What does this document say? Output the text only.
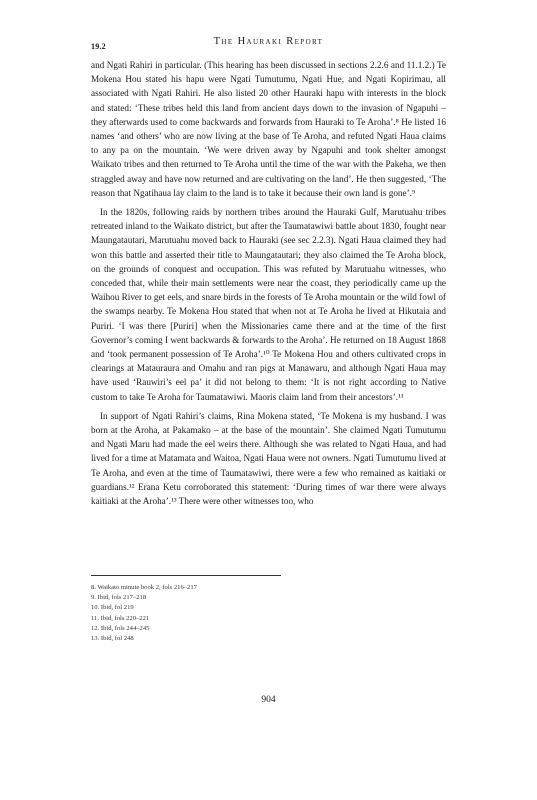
19.2	The Hauraki Report

and Ngati Rahiri in particular. (This hearing has been discussed in sections 2.2.6 and 11.1.2.) Te Mokena Hou stated his hapu were Ngati Tumutumu, Ngati Hue, and Ngati Kopirimau, all associated with Ngati Rahiri. He also listed 20 other Hauraki hapu with interests in the block and stated: ‘These tribes held this land from ancient days down to the invasion of Ngapuhi – they afterwards used to come backwards and forwards from Hauraki to Te Aroha’.⁸ He listed 16 names ‘and others’ who are now living at the base of Te Aroha, and refuted Ngati Haua claims to any pa on the mountain. ‘We were driven away by Ngapuhi and took shelter amongst Waikato tribes and then returned to Te Aroha until the time of the war with the Pakeha, we then straggled away and have now returned and are cultivating on the land’. He then suggested, ‘The reason that Ngatihaua lay claim to the land is to take it because their own land is gone’.⁹

In the 1820s, following raids by northern tribes around the Hauraki Gulf, Marutuahu tribes retreated inland to the Waikato district, but after the Taumatawiwi battle about 1830, fought near Maungatautari, Marutuahu moved back to Hauraki (see sec 2.2.3). Ngati Haua claimed they had won this battle and asserted their title to Maungatautari; they also claimed the Te Aroha block, on the grounds of conquest and occupation. This was refuted by Marutuahu witnesses, who conceded that, while their main settlements were near the coast, they periodically came up the Waihou River to get eels, and snare birds in the forests of Te Aroha mountain or the wild fowl of the swamps nearby. Te Mokena Hou stated that when not at Te Aroha he lived at Hikutaia and Puriri. ‘I was there [Puriri] when the Missionaries came there and at the time of the first Governor’s coming I went backwards & forwards to the Aroha’. He returned on 18 August 1868 and ‘took permanent possession of Te Aroha’.¹⁰ Te Mokena Hou and others cultivated crops in clearings at Matauraura and Omahu and ran pigs at Manawaru, and although Ngati Haua may have used ‘Rauwiri’s eel pa’ it did not belong to them: ‘It is not right according to Native custom to take Te Aroha for Taumatawiwi. Maoris claim land from their ancestors’.¹¹

In support of Ngati Rahiri’s claims, Rina Mokena stated, ‘Te Mokena is my husband. I was born at the Aroha, at Pakamako – at the base of the mountain’. She claimed Ngati Tumutumu and Ngati Maru had made the eel weirs there. Although she was related to Ngati Haua, and had lived for a time at Matamata and Waitoa, Ngati Haua were not owners. Ngati Tumutumu lived at Te Aroha, and even at the time of Taumatawiwi, there were a few who remained as kaitiaki or guardians.¹² Erana Ketu corroborated this statement: ‘During times of war there were always kaitiaki at the Aroha’.¹³ There were other witnesses too, who

8. Waikato minute book 2, fols 216–217
9. Ibid, fols 217–218
10. Ibid, fol 219
11. Ibid, fols 220–221
12. Ibid, fols 244–245
13. Ibid, fol 248
904
